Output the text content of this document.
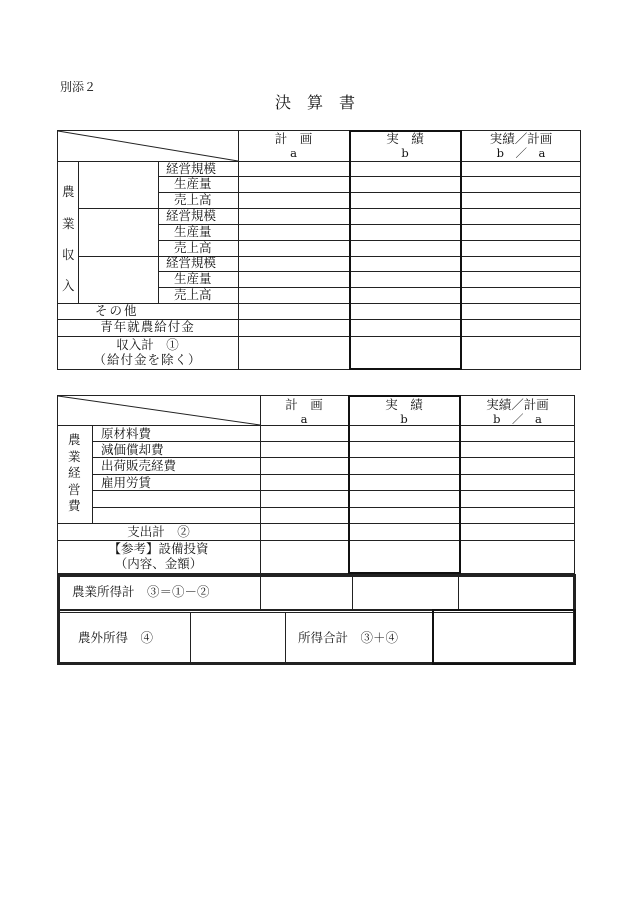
別添２
決　算　書
計　画
a
実　績
b
実績／計画
b　／　a
農
業
収
入
経営規模
生産量
売上高
経営規模
生産量
売上高
経営規模
生産量
売上高
その他
青年就農給付金
収入計　①
（給付金を除く）
計　画
a
実　績
b
実績／計画
b　／　a
農
業
経
営
費
原材料費
減価償却費
出荷販売経費
雇用労賃
支出計　②
【参考】設備投資
（内容、金額）
農業所得計　③＝①－②
農外所得　④	所得合計　③＋④
